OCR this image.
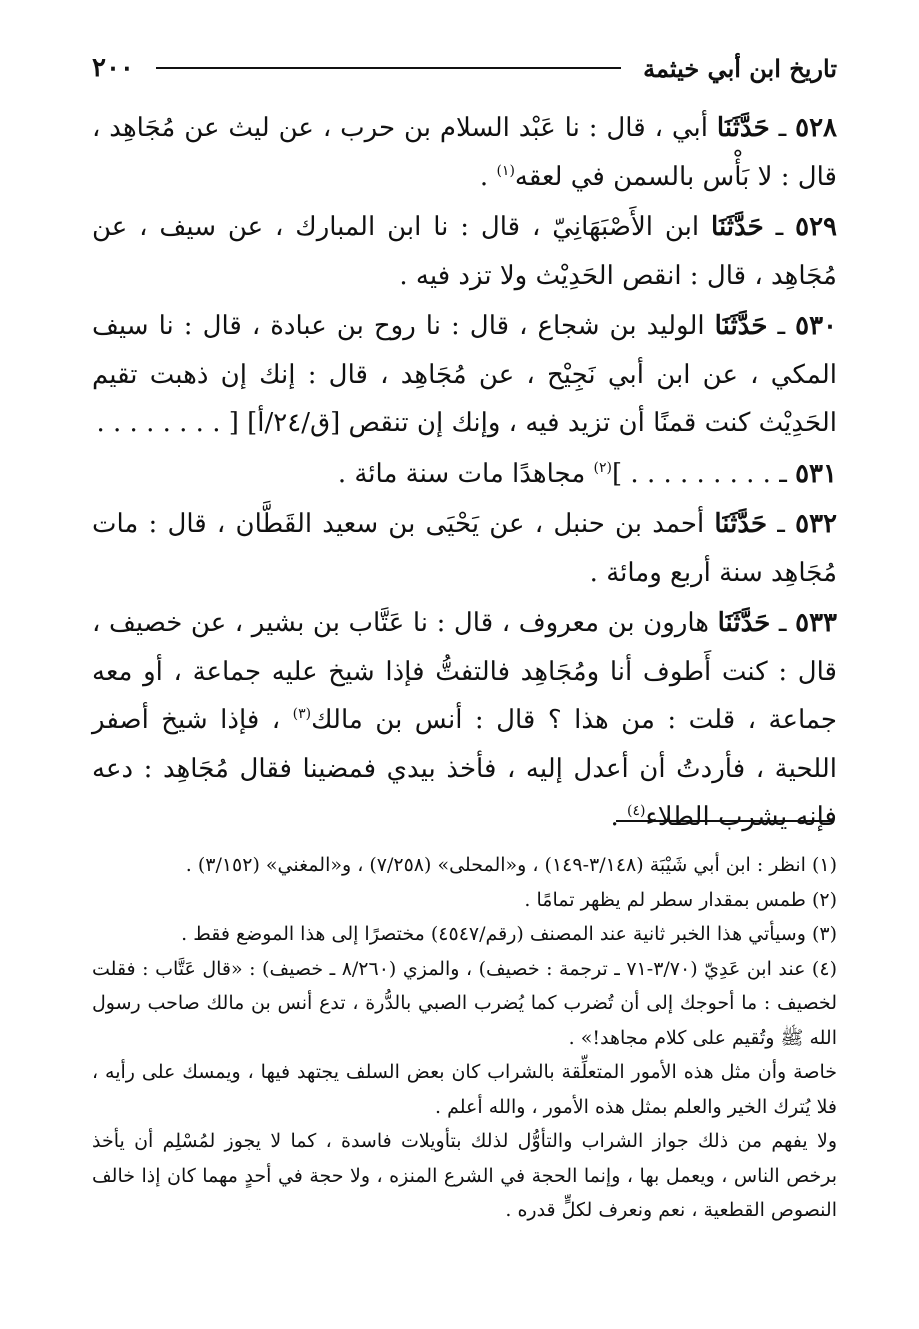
تاريخ ابن أبي خيثمة
٢٠٠

٥٢٨ ـ حَدَّثَنَا أبي ، قال : نا عَبْد السلام بن حرب ، عن ليث عن مُجَاهِد ، قال : لا بَأْس بالسمن في لعقه$^{(١)}$ .

٥٢٩ ـ حَدَّثَنَا ابن الأَصْبَهَانِيّ ، قال : نا ابن المبارك ، عن سيف ، عن مُجَاهِد ، قال : انقص الحَدِيْث ولا تزد فيه .

٥٣٠ ـ حَدَّثَنَا الوليد بن شجاع ، قال : نا روح بن عبادة ، قال : نا سيف المكي ، عن ابن أبي نَجِيْح ، عن مُجَاهِد ، قال : إنك إن ذهبت تقيم الحَدِيْث كنت قمنًا أن تزيد فيه ، وإنك إن تنقص [ق/٢٤/أ] [ . . . . . . . .

٥٣١ ـ . . . . . . . . . ]$^{(٢)}$ مجاهدًا مات سنة مائة .

٥٣٢ ـ حَدَّثَنَا أحمد بن حنبل ، عن يَحْيَى بن سعيد القَطَّان ، قال : مات مُجَاهِد سنة أربع ومائة .

٥٣٣ ـ حَدَّثَنَا هارون بن معروف ، قال : نا عَتَّاب بن بشير ، عن خصيف ، قال : كنت أَطوف أنا ومُجَاهِد فالتفتُّ فإذا شيخ عليه جماعة ، أو معه جماعة ، قلت : من هذا ؟ قال : أنس بن مالك$^{(٣)}$ ، فإذا شيخ أصفر اللحية ، فأردتُ أن أعدل إليه ، فأخذ بيدي فمضينا فقال مُجَاهِد : دعه فإنه يشرب الطلاء$^{(٤)}$ .

(١) انظر : ابن أبي شَيْبَة (٣/١٤٨-١٤٩) ، و«المحلى» (٧/٢٥٨) ، و«المغني» (٣/١٥٢) .

(٢) طمس بمقدار سطر لم يظهر تمامًا .

(٣) وسيأتي هذا الخبر ثانية عند المصنف (رقم/٤٥٤٧) مختصرًا إلى هذا الموضع فقط .

(٤) عند ابن عَدِيّ (٣/٧٠-٧١ ـ ترجمة : خصيف) ، والمزي (٨/٢٦٠ ـ خصيف) : «قال عَتَّاب : فقلت لخصيف : ما أحوجك إلى أن تُضرب كما يُضرب الصبي بالدُّرة ، تدع أنس بن مالك صاحب رسول الله ﷺ وتُقيم على كلام مجاهد!» .

خاصة وأن مثل هذه الأمور المتعلِّقة بالشراب كان بعض السلف يجتهد فيها ، ويمسك على رأيه ، فلا يُترك الخير والعلم بمثل هذه الأمور ، والله أعلم .

ولا يفهم من ذلك جواز الشراب والتأوُّل لذلك بتأويلات فاسدة ، كما لا يجوز لمُسْلِم أن يأخذ برخص الناس ، ويعمل بها ، وإنما الحجة في الشرع المنزه ، ولا حجة في أحدٍ مهما كان إذا خالف النصوص القطعية ، نعم ونعرف لكلٍّ قدره .
